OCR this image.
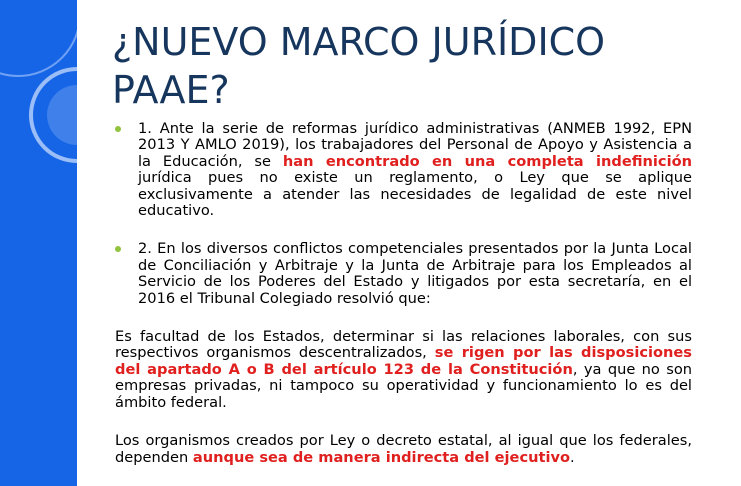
¿NUEVO MARCO JURÍDICO
PAAE?

1. Ante la serie de reformas jurídico administrativas (ANMEB 1992, EPN 2013 Y AMLO 2019), los trabajadores del Personal de Apoyo y Asistencia a la Educación, se han encontrado en una completa indefinición jurídica pues no existe un reglamento, o Ley que se aplique exclusivamente a atender las necesidades de legalidad de este nivel educativo.

2. En los diversos conflictos competenciales presentados por la Junta Local de Conciliación y Arbitraje y la Junta de Arbitraje para los Empleados al Servicio de los Poderes del Estado y litigados por esta secretaría, en el 2016 el Tribunal Colegiado resolvió que:

Es facultad de los Estados, determinar si las relaciones laborales, con sus respectivos organismos descentralizados, se rigen por las disposiciones del apartado A o B del artículo 123 de la Constitución, ya que no son empresas privadas, ni tampoco su operatividad y funcionamiento lo es del ámbito federal.

Los organismos creados por Ley o decreto estatal, al igual que los federales, dependen aunque sea de manera indirecta del ejecutivo.
